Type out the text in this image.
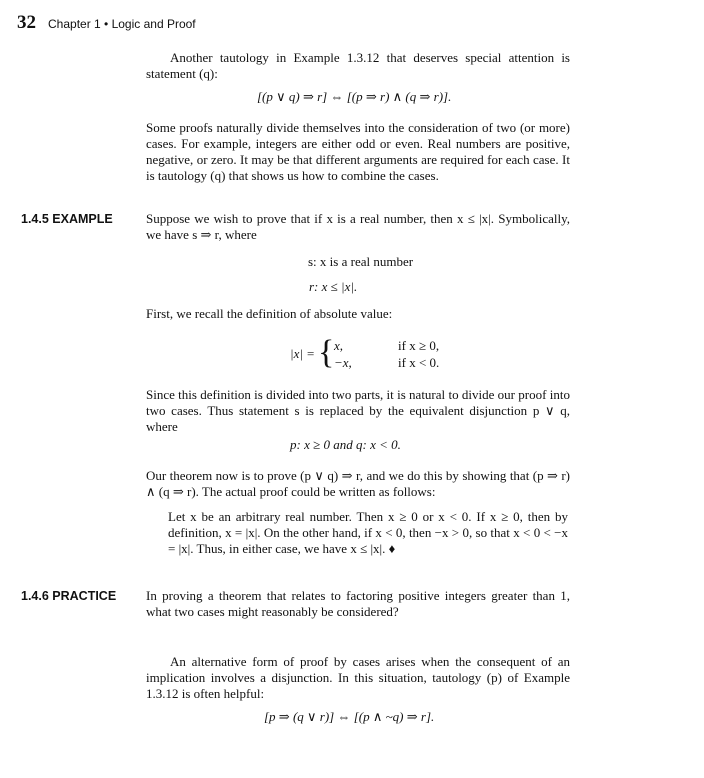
32 Chapter 1 • Logic and Proof
Another tautology in Example 1.3.12 that deserves special attention is statement (q):
[(p ∨ q) ⇒ r] ⇔ [(p ⇒ r) ∧ (q ⇒ r)].
Some proofs naturally divide themselves into the consideration of two (or more) cases. For example, integers are either odd or even. Real numbers are positive, negative, or zero. It may be that different arguments are required for each case. It is tautology (q) that shows us how to combine the cases.
1.4.5 EXAMPLE	Suppose we wish to prove that if x is a real number, then x ≤ |x|. Symbolically, we have s ⇒ r, where
s: x is a real number
r: x ≤ |x|.
First, we recall the definition of absolute value:
|x| = { x,	if x ≥ 0,
−x,	if x < 0.
Since this definition is divided into two parts, it is natural to divide our proof into two cases. Thus statement s is replaced by the equivalent disjunction p ∨ q, where
p: x ≥ 0 and q: x < 0.
Our theorem now is to prove (p ∨ q) ⇒ r, and we do this by showing that (p ⇒ r) ∧ (q ⇒ r). The actual proof could be written as follows:
Let x be an arbitrary real number. Then x ≥ 0 or x < 0. If x ≥ 0, then by definition, x = |x|. On the other hand, if x < 0, then −x > 0, so that x < 0 < −x = |x|. Thus, in either case, we have x ≤ |x|. ♦
1.4.6 PRACTICE In proving a theorem that relates to factoring positive integers greater than 1, what two cases might reasonably be considered?
An alternative form of proof by cases arises when the consequent of an implication involves a disjunction. In this situation, tautology (p) of Example 1.3.12 is often helpful:
[p ⇒ (q ∨ r)] ⇔ [(p ∧ ~q) ⇒ r].
